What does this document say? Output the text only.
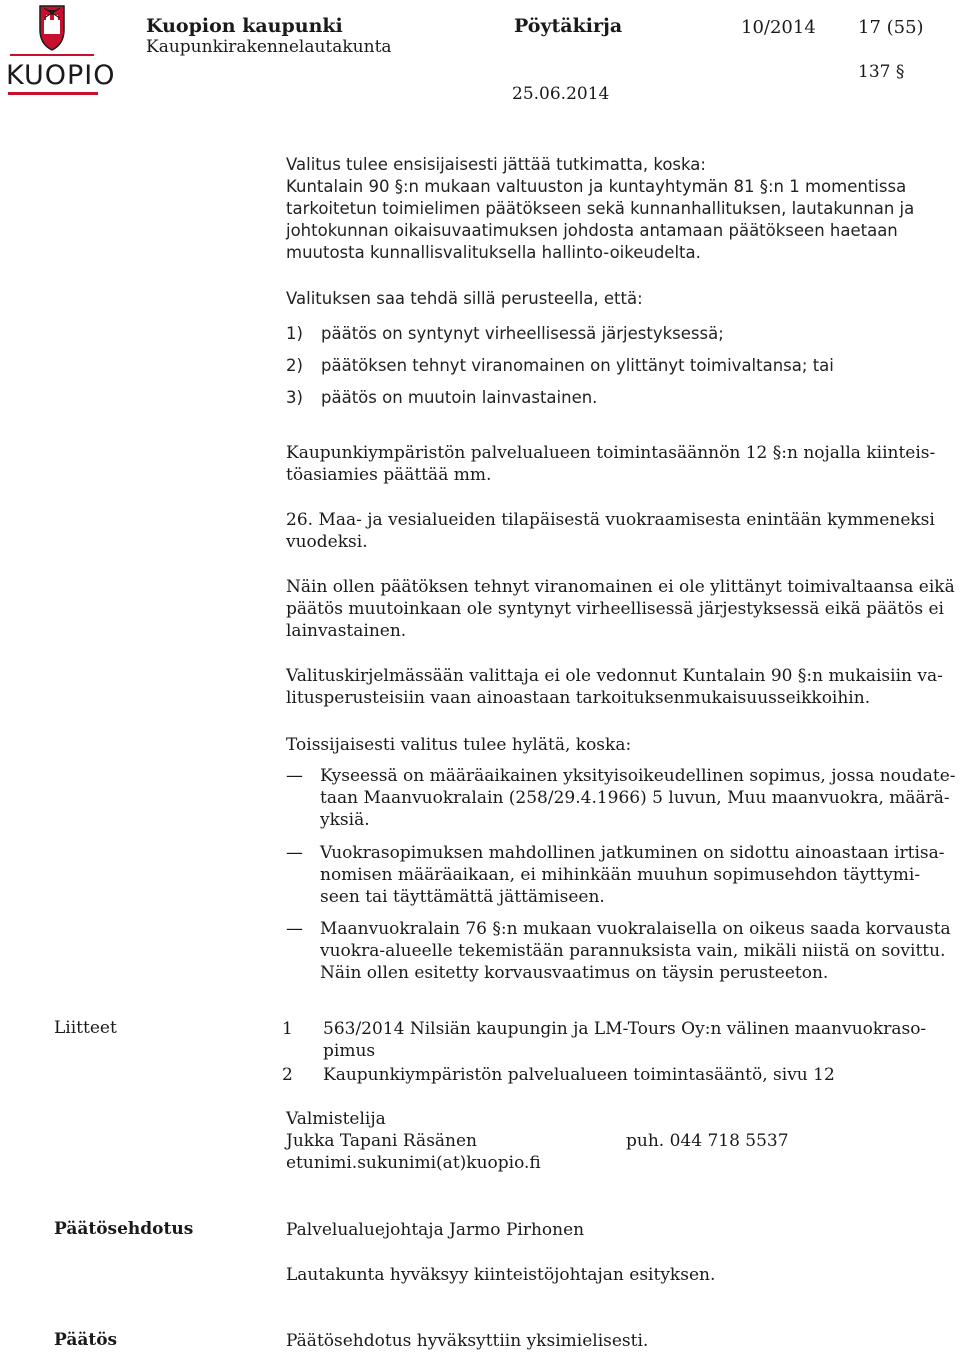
KUOPIO
Kuopion kaupunki
Kaupunkirakennelautakunta
Pöytäkirja	10/2014 17 (55)
137 §
25.06.2014
Valitus tulee ensisijaisesti jättää tutkimatta, koska:
Kuntalain 90 §:n mukaan valtuuston ja kuntayhtymän 81 §:n 1 momentissa
tarkoitetun toimielimen päätökseen sekä kunnanhallituksen, lautakunnan ja
johtokunnan oikaisuvaatimuksen johdosta antamaan päätökseen haetaan
muutosta kunnallisvalituksella hallinto-oikeudelta.
Valituksen saa tehdä sillä perusteella, että:
1) päätös on syntynyt virheellisessä järjestyksessä;
2) päätöksen tehnyt viranomainen on ylittänyt toimivaltansa; tai
3) päätös on muutoin lainvastainen.
Kaupunkiympäristön palvelualueen toimintasäännön 12 §:n nojalla kiinteis-
töasiamies päättää mm.
26. Maa- ja vesialueiden tilapäisestä vuokraamisesta enintään kymmeneksi
vuodeksi.
Näin ollen päätöksen tehnyt viranomainen ei ole ylittänyt toimivaltaansa eikä
päätös muutoinkaan ole syntynyt virheellisessä järjestyksessä eikä päätös ei
lainvastainen.
Valituskirjelmässään valittaja ei ole vedonnut Kuntalain 90 §:n mukaisiin va-
litusperusteisiin vaan ainoastaan tarkoituksenmukaisuusseikkoihin.
Toissijaisesti valitus tulee hylätä, koska:
— Kyseessä on määräaikainen yksityisoikeudellinen sopimus, jossa noudate-
taan Maanvuokralain (258/29.4.1966) 5 luvun, Muu maanvuokra, määrä-
yksiä.
— Vuokrasopimuksen mahdollinen jatkuminen on sidottu ainoastaan irtisa-
nomisen määräaikaan, ei mihinkään muuhun sopimusehdon täyttymi-
seen tai täyttämättä jättämiseen.
— Maanvuokralain 76 §:n mukaan vuokralaisella on oikeus saada korvausta
vuokra-alueelle tekemistään parannuksista vain, mikäli niistä on sovittu.
Näin ollen esitetty korvausvaatimus on täysin perusteeton.
Liitteet	1 563/2014 Nilsiän kaupungin ja LM-Tours Oy:n välinen maanvuokraso-
pimus
2 Kaupunkiympäristön palvelualueen toimintasääntö, sivu 12
Valmistelija
Jukka Tapani Räsänen	puh. 044 718 5537
etunimi.sukunimi(at)kuopio.fi
Päätösehdotus	Palvelualuejohtaja Jarmo Pirhonen
Lautakunta hyväksyy kiinteistöjohtajan esityksen.
Päätös	Päätösehdotus hyväksyttiin yksimielisesti.
